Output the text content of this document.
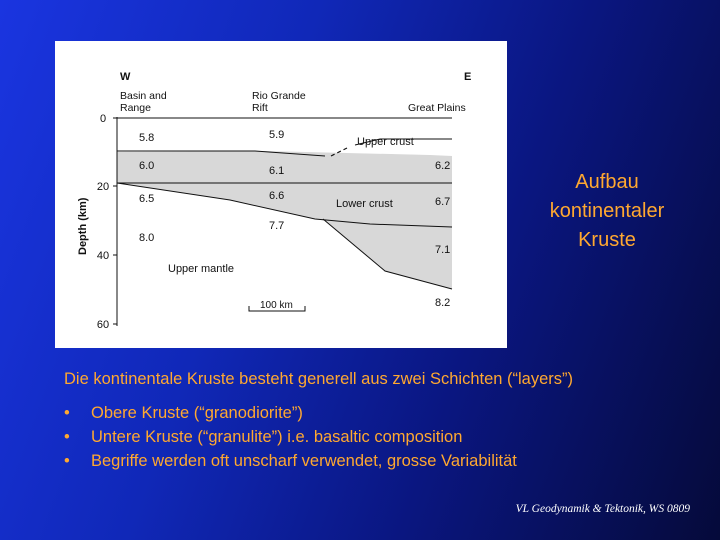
W	E
Basin and
Range
Rio Grande
Rift	Great Plains
Depth (km)
0
20
40
60
5.8	5.9
6.0	6.1	6.2
6.5	6.6	6.7
7.7
8.0
7.1
8.2
Upper crust
Lower crust
Upper mantle
100 km
Aufbau
kontinentaler
Kruste
Die kontinentale Kruste besteht generell aus zwei Schichten (“layers”)
• Obere Kruste (“granodiorite”)
• Untere Kruste (“granulite”) i.e. basaltic composition
• Begriffe werden oft unscharf verwendet, grosse Variabilität
VL Geodynamik & Tektonik, WS 0809
